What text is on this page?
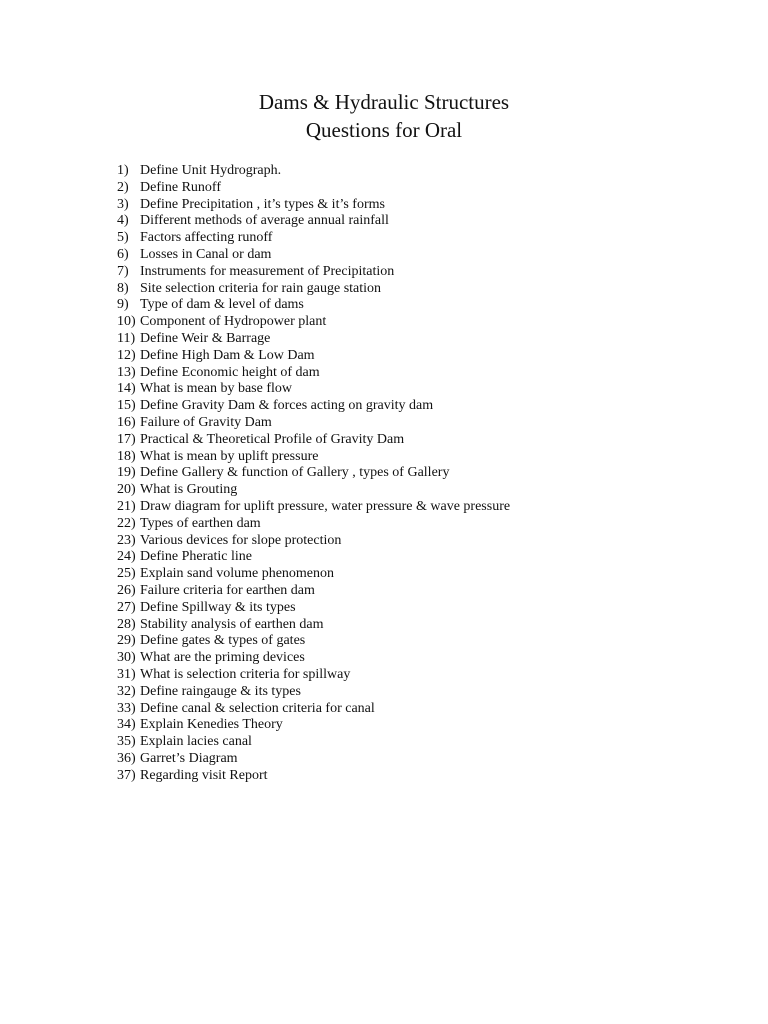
Dams & Hydraulic Structures
Questions for Oral
1) Define Unit Hydrograph.
2) Define Runoff
3) Define Precipitation , it’s types & it’s forms
4) Different methods of average annual rainfall
5) Factors affecting runoff
6) Losses in Canal or dam
7) Instruments for measurement of Precipitation
8) Site selection criteria for rain gauge station
9) Type of dam & level of dams
10) Component of Hydropower plant
11) Define Weir & Barrage
12) Define High Dam & Low Dam
13) Define Economic height of dam
14) What is mean by base flow
15) Define Gravity Dam & forces acting on gravity dam
16) Failure of Gravity Dam
17) Practical & Theoretical Profile of Gravity Dam
18) What is mean by uplift pressure
19) Define Gallery & function of Gallery , types of Gallery
20) What is Grouting
21) Draw diagram for uplift pressure, water pressure & wave pressure
22) Types of earthen dam
23) Various devices for slope protection
24) Define Pheratic line
25) Explain sand volume phenomenon
26) Failure criteria for earthen dam
27) Define Spillway & its types
28) Stability analysis of earthen dam
29) Define gates & types of gates
30) What are the priming devices
31) What is selection criteria for spillway
32) Define raingauge & its types
33) Define canal & selection criteria for canal
34) Explain Kenedies Theory
35) Explain lacies canal
36) Garret’s Diagram
37) Regarding visit Report
